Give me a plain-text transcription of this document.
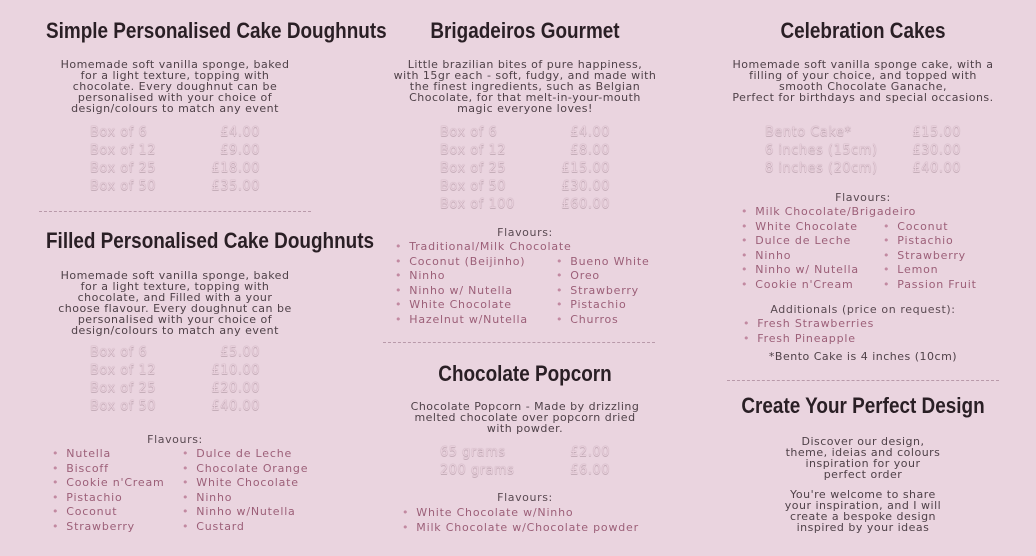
Simple Personalised Cake Doughnuts

Homemade soft vanilla sponge, baked

for a light texture, topping with

chocolate. Every doughnut can be

personalised with your choice of

design/colours to match any event

Box of 6	£4.00
Box of 12	£9.00
Box of 25	£18.00
Box of 50	£35.00
Filled Personalised Cake Doughnuts

Homemade soft vanilla sponge, baked

for a light texture, topping with

chocolate, and Filled with a your

choose flavour. Every doughnut can be

personalised with your choice of

design/colours to match any event

Box of 6	£5.00
Box of 12	£10.00
Box of 25	£20.00
Box of 50	£40.00

Flavours:

• Nutella
• Biscoff
• Cookie n'Cream
• Pistachio
• Coconut
• Strawberry
• Dulce de Leche
• Chocolate Orange
• White Chocolate
• Ninho
• Ninho w/Nutella
• Custard
Brigadeiros Gourmet

Little brazilian bites of pure happiness,

with 15gr each - soft, fudgy, and made with

the finest ingredients, such as Belgian

Chocolate, for that melt-in-your-mouth

magic everyone loves!

Box of 6	£4.00
Box of 12	£8.00
Box of 25	£15.00
Box of 50	£30.00
Box of 100	£60.00

Flavours:

• Traditional/Milk Chocolate
• Coconut (Beijinho)
• Ninho
• Ninho w/ Nutella
• White Chocolate
• Hazelnut w/Nutella
• Bueno White
• Oreo
• Strawberry
• Pistachio
• Churros
Chocolate Popcorn

Chocolate Popcorn - Made by drizzling

melted chocolate over popcorn dried

with powder.

65 grams	£2.00
200 grams	£6.00

Flavours:

• White Chocolate w/Ninho
• Milk Chocolate w/Chocolate powder
Celebration Cakes

Homemade soft vanilla sponge cake, with a

filling of your choice, and topped with

smooth Chocolate Ganache,

Perfect for birthdays and special occasions.

Bento Cake*	£15.00
6 inches (15cm)	£30.00
8 inches (20cm)	£40.00

Flavours:

• Milk Chocolate/Brigadeiro
• White Chocolate
• Dulce de Leche
• Ninho
• Ninho w/ Nutella
• Cookie n'Cream
• Coconut
• Pistachio
• Strawberry
• Lemon
• Passion Fruit

Additionals (price on request):

• Fresh Strawberries
• Fresh Pineapple

*Bento Cake is 4 inches (10cm)

Create Your Perfect Design

Discover our design,

theme, ideias and colours

inspiration for your

perfect order

You're welcome to share

your inspiration, and I will

create a bespoke design

inspired by your ideas
